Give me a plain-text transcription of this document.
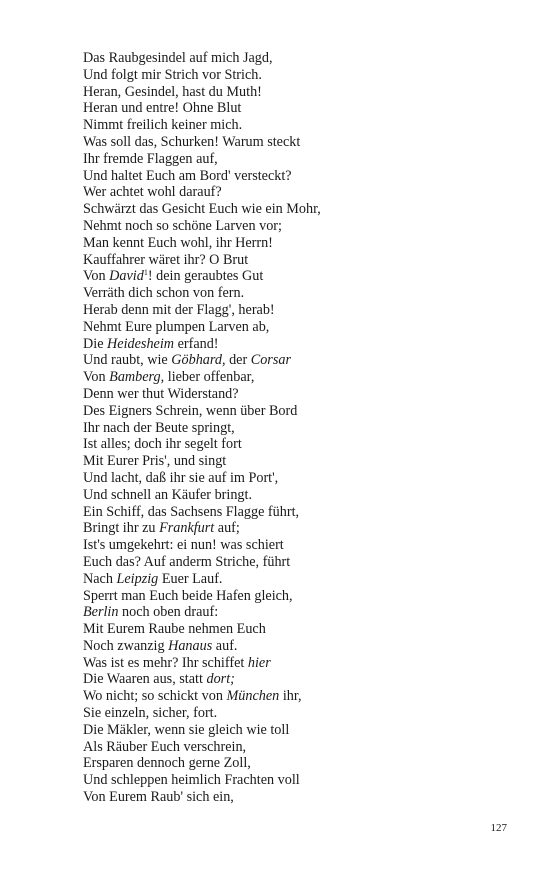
Das Raubgesindel auf mich Jagd,
Und folgt mir Strich vor Strich.
Heran, Gesindel, hast du Muth!
Heran und entre! Ohne Blut
Nimmt freilich keiner mich.
Was soll das, Schurken! Warum steckt
Ihr fremde Flaggen auf,
Und haltet Euch am Bord' versteckt?
Wer achtet wohl darauf?
Schwärzt das Gesicht Euch wie ein Mohr,
Nehmt noch so schöne Larven vor;
Man kennt Euch wohl, ihr Herrn!
Kauffahrer wäret ihr? O Brut
Von David$^1$! dein geraubtes Gut
Verräth dich schon von fern.
Herab denn mit der Flagg', herab!
Nehmt Eure plumpen Larven ab,
Die Heidesheim erfand!
Und raubt, wie Göbhard, der Corsar
Von Bamberg, lieber offenbar,
Denn wer thut Widerstand?
Des Eigners Schrein, wenn über Bord
Ihr nach der Beute springt,
Ist alles; doch ihr segelt fort
Mit Eurer Pris', und singt
Und lacht, daß ihr sie auf im Port',
Und schnell an Käufer bringt.
Ein Schiff, das Sachsens Flagge führt,
Bringt ihr zu Frankfurt auf;
Ist's umgekehrt: ei nun! was schiert
Euch das? Auf anderm Striche, führt
Nach Leipzig Euer Lauf.
Sperrt man Euch beide Hafen gleich,
Berlin noch oben drauf:
Mit Eurem Raube nehmen Euch
Noch zwanzig Hanaus auf.
Was ist es mehr? Ihr schiffet hier
Die Waaren aus, statt dort;
Wo nicht; so schickt von München ihr,
Sie einzeln, sicher, fort.
Die Mäkler, wenn sie gleich wie toll
Als Räuber Euch verschrein,
Ersparen dennoch gerne Zoll,
Und schleppen heimlich Frachten voll
Von Eurem Raub' sich ein,
127
